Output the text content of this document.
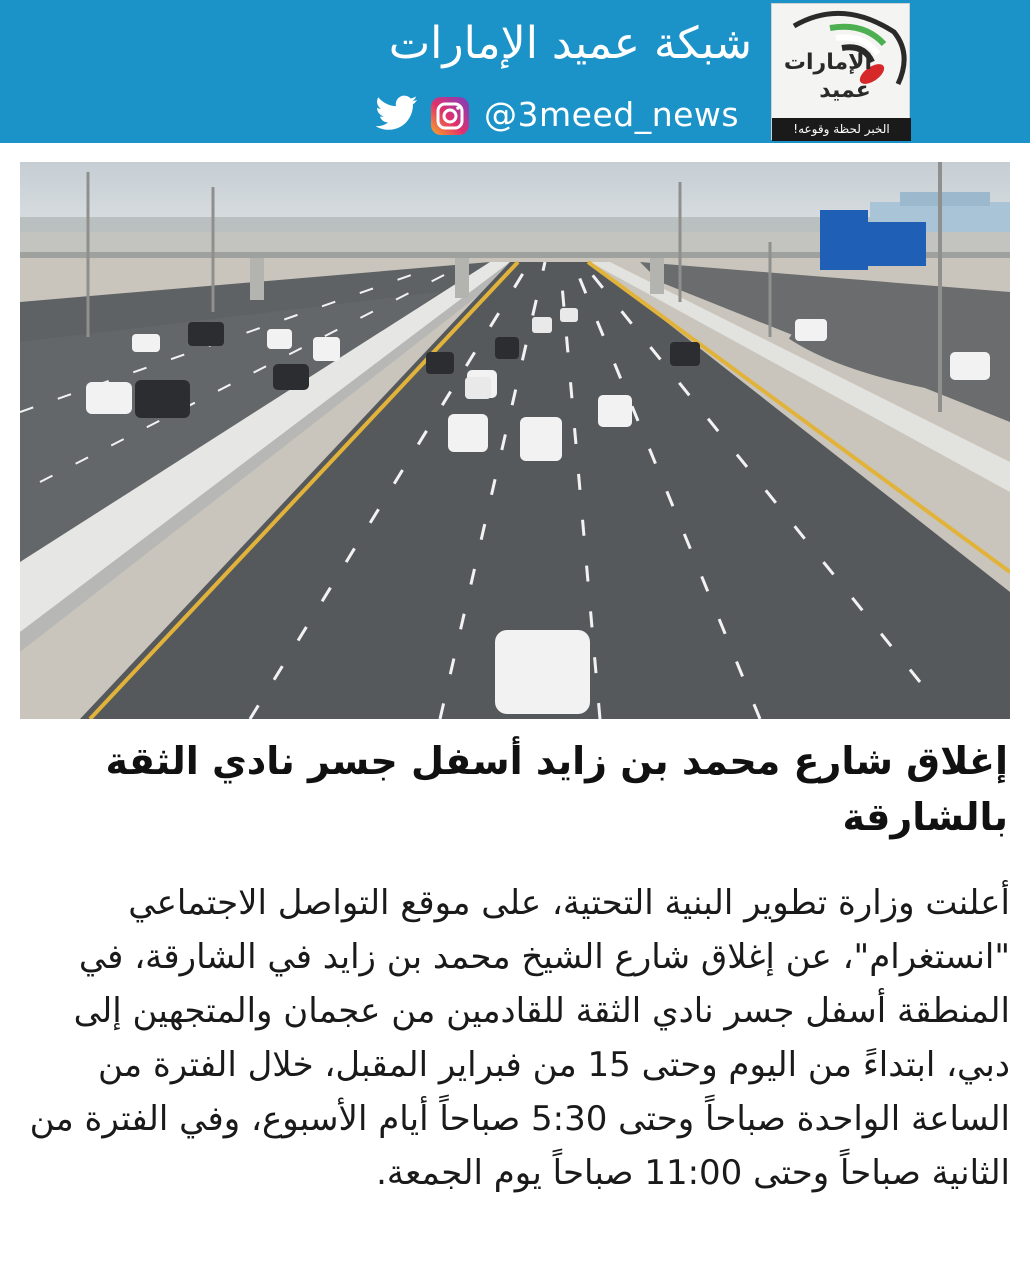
الإمارات
عميد
الخبر لحظة وقوعه!
شبكة عميد الإمارات
@3meed_news
إغلاق شارع محمد بن زايد أسفل جسر نادي الثقة بالشارقة

أعلنت وزارة تطوير البنية التحتية، على موقع التواصل الاجتماعي "انستغرام"، عن إغلاق شارع الشيخ محمد بن زايد في الشارقة، في المنطقة أسفل جسر نادي الثقة للقادمين من عجمان والمتجهين إلى دبي، ابتداءً من اليوم وحتى 15 من فبراير المقبل، خلال الفترة من الساعة الواحدة صباحاً وحتى 5:30 صباحاً أيام الأسبوع، وفي الفترة من الثانية صباحاً وحتى 11:00 صباحاً يوم الجمعة.
